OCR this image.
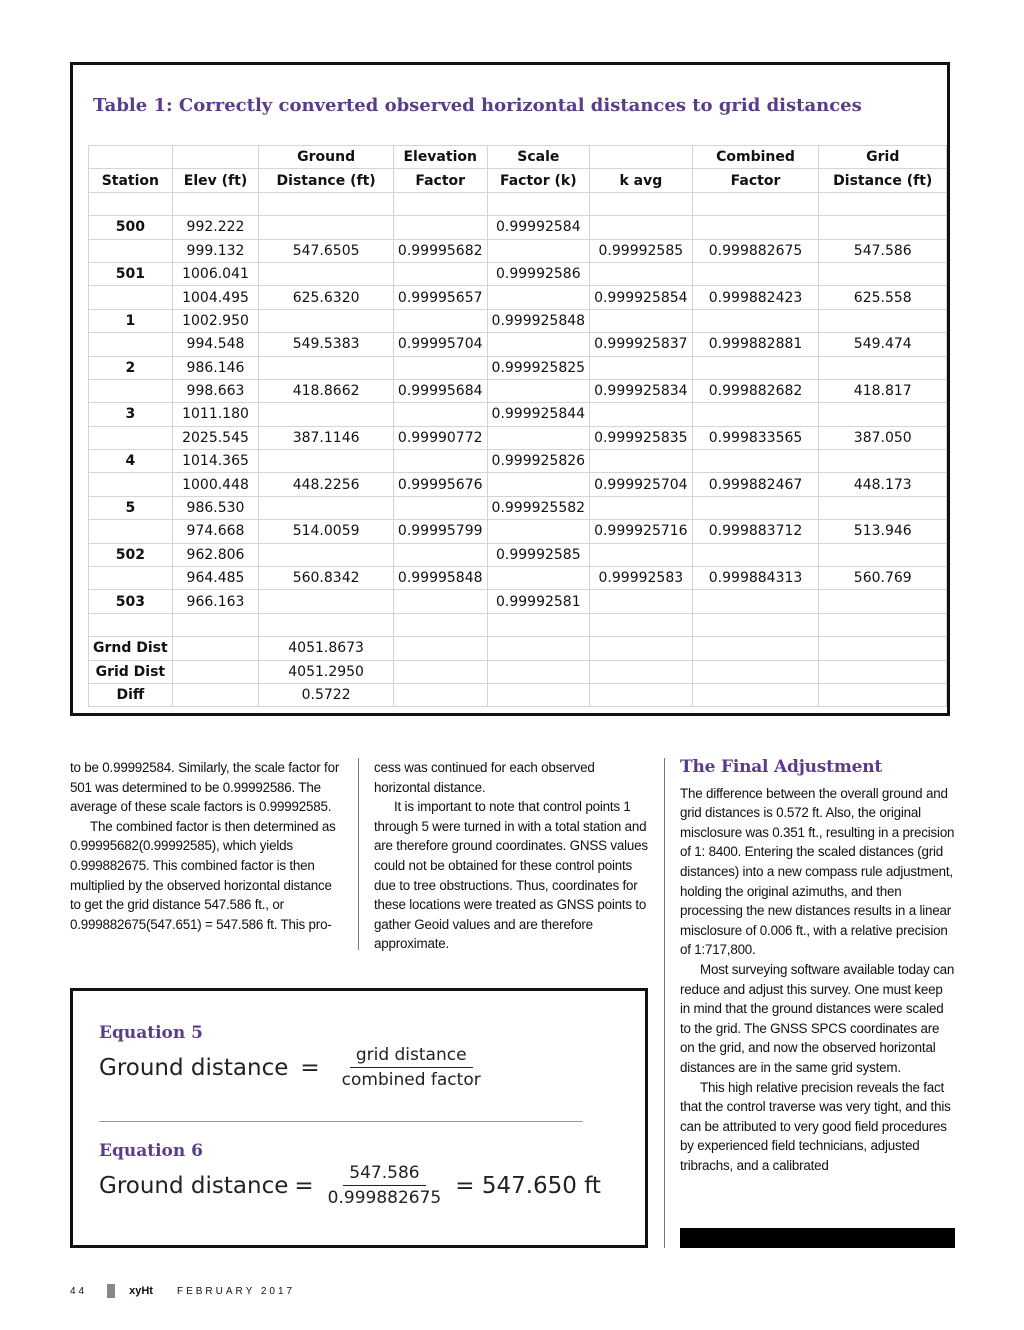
Table 1: Correctly converted observed horizontal distances to grid distances
		Ground	Elevation	Scale		Combined	Grid
Station	Elev (ft)	Distance (ft)	Factor	Factor (k)	k avg	Factor	Distance (ft)

500	992.222			0.99992584			
	999.132	547.6505	0.99995682		0.99992585	0.999882675	547.586
501	1006.041			0.99992586			
	1004.495	625.6320	0.99995657		0.999925854	0.999882423	625.558
1	1002.950			0.999925848			
	994.548	549.5383	0.99995704		0.999925837	0.999882881	549.474
2	986.146			0.999925825			
	998.663	418.8662	0.99995684		0.999925834	0.999882682	418.817
3	1011.180			0.999925844			
	2025.545	387.1146	0.99990772		0.999925835	0.999833565	387.050
4	1014.365			0.999925826			
	1000.448	448.2256	0.99995676		0.999925704	0.999882467	448.173
5	986.530			0.999925582			
	974.668	514.0059	0.99995799		0.999925716	0.999883712	513.946
502	962.806			0.99992585			
	964.485	560.8342	0.99995848		0.99992583	0.999884313	560.769
503	966.163			0.99992581			

Grnd Dist		4051.8673					
Grid Dist		4051.2950					
Diff		0.5722					

to be 0.99992584. Similarly, the scale factor for 501 was determined to be 0.99992586. The average of these scale factors is 0.99992585.

The combined factor is then determined as 0.99995682(0.99992585), which yields 0.999882675. This combined factor is then multiplied by the observed horizontal distance to get the grid distance 547.586 ft., or 0.999882675(547.651) = 547.586 ft. This pro-

cess was continued for each observed horizontal distance.

It is important to note that control points 1 through 5 were turned in with a total station and are therefore ground coordinates. GNSS values could not be obtained for these control points due to tree obstructions. Thus, coordinates for these locations were treated as GNSS points to gather Geoid values and are therefore approximate.

The Final Adjustment

The difference between the overall ground and grid distances is 0.572 ft. Also, the original misclosure was 0.351 ft., resulting in a precision of 1: 8400. Entering the scaled distances (grid distances) into a new compass rule adjustment, holding the original azimuths, and then processing the new distances results in a linear misclosure of 0.006 ft., with a relative precision of 1:717,800.

Most surveying software available today can reduce and adjust this survey. One must keep in mind that the ground distances were scaled to the grid. The GNSS SPCS coordinates are on the grid, and now the observed horizontal distances are in the same grid system.

This high relative precision reveals the fact that the control traverse was very tight, and this can be attributed to very good field procedures by experienced field technicians, adjusted tribrachs, and a calibrated

Equation 5
Ground distance = $\frac{\text{grid distance}}{\text{combined factor}}$
Equation 6
Ground distance = $\frac{547.586}{0.999882675} = 547.650$ ft
44	xyHt FEBRUARY 2017
